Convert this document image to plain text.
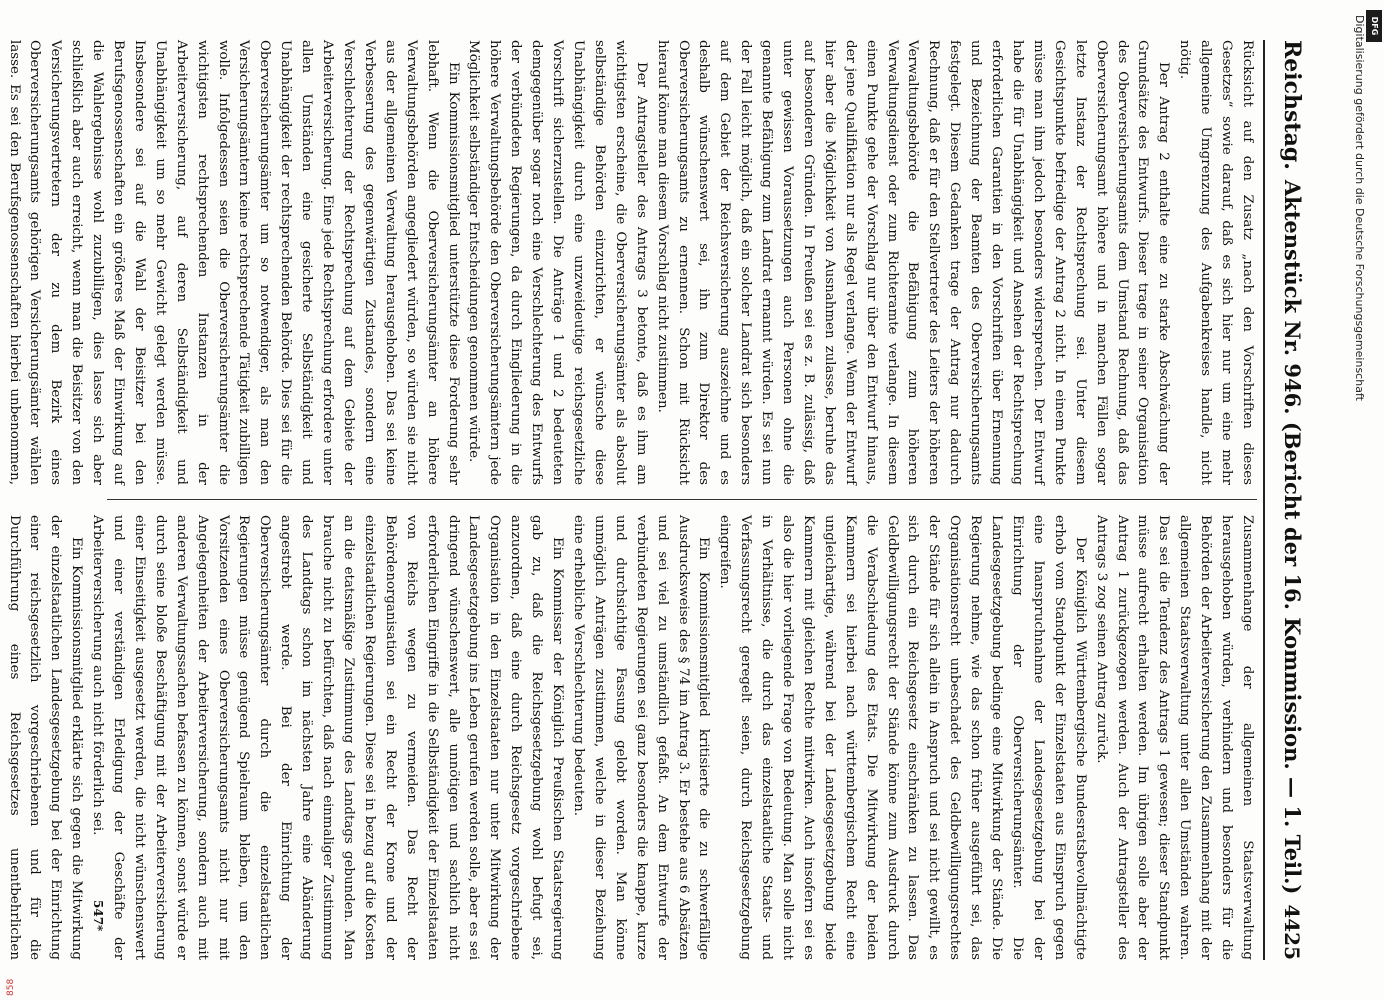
Reichstag.
Aktenstück Nr. 946. (Bericht der 16. Kommission. — 1. Teil.)
4425

Rücksicht auf den Zusatz „nach den Vorschriften dieses Gesetzes“ sowie darauf, daß es sich hier nur um eine mehr allgemeine Umgrenzung des Aufgabenkreises handle, nicht nötig.

Der Antrag 2 enthalte eine zu starke Abschwächung der Grundsätze des Entwurfs. Dieser trage in seiner Organisation des Oberversicherungsamts dem Umstand Rechnung, daß das Oberversicherungsamt höhere und in manchen Fällen sogar letzte Instanz der Rechtsprechung sei. Unter diesem Gesichtspunkte befriedige der Antrag 2 nicht. In einem Punkte müsse man ihm jedoch besonders widersprechen. Der Entwurf habe die für Unabhängigkeit und Ansehen der Rechtsprechung erforderlichen Garantien in den Vorschriften über Ernennung und Bezeichnung der Beamten des Oberversicherungsamts festgelegt. Diesem Gedanken trage der Antrag nur dadurch Rechnung, daß er für den Stellvertreter des Leiters der höheren Verwaltungsbehörde die Befähigung zum höheren Verwaltungsdienst oder zum Richteramte verlange. In diesem einen Punkte gehe der Vorschlag nur über den Entwurf hinaus, der jene Qualifikation nur als Regel verlange. Wenn der Entwurf hier aber die Möglichkeit von Ausnahmen zulasse, beruhe das auf besonderen Gründen. In Preußen sei es z. B. zulässig, daß unter gewissen Voraussetzungen auch Personen ohne die genannte Befähigung zum Landrat ernannt würden. Es sei nun der Fall leicht möglich, daß ein solcher Landrat sich besonders auf dem Gebiet der Reichsversicherung auszeichne und es deshalb wünschenswert sei, ihn zum Direktor des Oberversicherungsamts zu ernennen. Schon mit Rücksicht hierauf könne man diesem Vorschlag nicht zustimmen.

Der Antragsteller des Antrags 3 betonte, daß es ihm am wichtigsten erscheine, die Oberversicherungsämter als absolut selbständige Behörden einzurichten, er wünsche diese Unabhängigkeit durch eine unzweideutige reichsgesetzliche Vorschrift sicherzustellen. Die Anträge 1 und 2 bedeuteten demgegenüber sogar noch eine Verschlechterung des Entwurfs der verbündeten Regierungen, da durch Eingliederung in die höhere Verwaltungsbehörde den Oberversicherungsämtern jede Möglichkeit selbständiger Entscheidungen genommen würde.

Ein Kommissionsmitglied unterstützte diese Forderung sehr lebhaft. Wenn die Oberversicherungsämter an höhere Verwaltungsbehörden angegliedert würden, so würden sie nicht aus der allgemeinen Verwaltung herausgehoben. Das sei keine Verbesserung des gegenwärtigen Zustandes, sondern eine Verschlechterung der Rechtsprechung auf dem Gebiete der Arbeiterversicherung. Eine jede Rechtsprechung erfordere unter allen Umständen eine gesicherte Selbständigkeit und Unabhängigkeit der rechtsprechenden Behörde. Dies sei für die Oberversicherungsämter um so notwendiger, als man den Versicherungsämtern keine rechtsprechende Tätigkeit zubilligen wolle. Infolgedessen seien die Oberversicherungsämter die wichtigsten rechtsprechenden Instanzen in der Arbeiterversicherung, auf deren Selbständigkeit und Unabhängigkeit um so mehr Gewicht gelegt werden müsse. Insbesondere sei auf die Wahl der Beisitzer bei den Berufsgenossenschaften ein größeres Maß der Einwirkung auf die Wahlergebnisse wohl zuzubilligen, dies lasse sich aber schließlich aber auch erreicht, wenn man die Beisitzer von den Versicherungsvertretern der zu dem Bezirk eines Oberversicherungsamts gehörigen Versicherungsämter wählen lasse. Es sei den Berufsgenossenschaften hierbei unbenommen,

Zusammenhange der allgemeinen Staatsverwaltung herausgehoben würden, verhindern und besonders für die Behörden der Arbeiterversicherung den Zusammenhang mit der allgemeinen Staatsverwaltung unter allen Umständen wahren. Das sei die Tendenz des Antrags 1 gewesen; dieser Standpunkt müsse aufrecht erhalten werden. Im übrigen solle aber der Antrag 1 zurückgezogen werden. Auch der Antragsteller des Antrags 3 zog seinen Antrag zurück.

Der Königlich Württembergische Bundesratsbevollmächtigte erhob vom Standpunkt der Einzelstaaten aus Einspruch gegen eine Inanspruchnahme der Landesgesetzgebung bei der Einrichtung der Oberversicherungsämter. Die Landesgesetzgebung bedinge eine Mitwirkung der Stände. Die Regierung nehme, wie das schon früher ausgeführt sei, das Organisationsrecht unbeschadet des Geldbewilligungsrechtes der Stände für sich allein in Anspruch und sei nicht gewillt, es sich durch ein Reichsgesetz einschränken zu lassen. Das Geldbewilligungsrecht der Stände könne zum Ausdruck durch die Verabschiedung des Etats. Die Mitwirkung der beiden Kammern sei hierbei nach württembergischem Recht eine ungleichartige, während bei der Landesgesetzgebung beide Kammern mit gleichen Rechte mitwirken. Auch insofern sei es also die hier vorliegende Frage von Bedeutung. Man solle nicht in Verhältnisse, die durch das einzelstaatliche Staats- und Verfassungsrecht geregelt seien, durch Reichsgesetzgebung eingreifen.

Ein Kommissionsmitglied kritisierte die zu schwerfällige Ausdrucksweise des § 74 im Antrag 3. Er bestehe aus 6 Absätzen und sei viel zu umständlich gefaßt. An dem Entwurfe der verbündeten Regierungen sei ganz besonders die knappe, kurze und durchsichtige Fassung gelobt worden. Man könne unmöglich Anträgen zustimmen, welche in dieser Beziehung eine erhebliche Verschlechterung bedeuten.

Ein Kommissar der Königlich Preußischen Staatsregierung gab zu, daß die Reichsgesetzgebung wohl befugt sei, anzuordnen, daß eine durch Reichsgesetz vorgeschriebene Organisation in den Einzelstaaten nur unter Mitwirkung der Landesgesetzgebung ins Leben gerufen werden solle, aber es sei dringend wünschenswert, alle unnötigen und sachlich nicht erforderlichen Eingriffe in die Selbständigkeit der Einzelstaaten von Reichs wegen zu vermeiden. Das Recht der Behördenorganisation sei ein Recht der Krone und der einzelstaatlichen Regierungen. Diese sei in bezug auf die Kosten an die etatsmäßige Zustimmung des Landtags gebunden. Man brauche nicht zu befürchten, daß nach einmaliger Zustimmung des Landtags schon im nächsten Jahre eine Abänderung angestrebt werde. Bei der Einrichtung der Oberversicherungsämter durch die einzelstaatlichen Regierungen müsse genügend Spielraum bleiben, um den Vorsitzenden eines Oberversicherungsamts nicht nur mit Angelegenheiten der Arbeiterversicherung, sondern auch mit anderen Verwaltungssachen befassen zu können, sonst würde er durch seine bloße Beschäftigung mit der Arbeiterversicherung einer Einseitigkeit ausgesetzt werden, die nicht wünschenswert und einer verständigen Erledigung der Geschäfte der Arbeiterversicherung auch nicht förderlich sei.

Ein Kommissionsmitglied erklärte sich gegen die Mitwirkung der einzelstaatlichen Landesgesetzgebung bei der Einrichtung einer reichsgesetzlich vorgeschriebenen und für die Durchführung eines Reichsgesetzes unentbehrlichen	547*
DFG
Digitalisierung gefördert durch die Deutsche Forschungsgemeinschaft
858
